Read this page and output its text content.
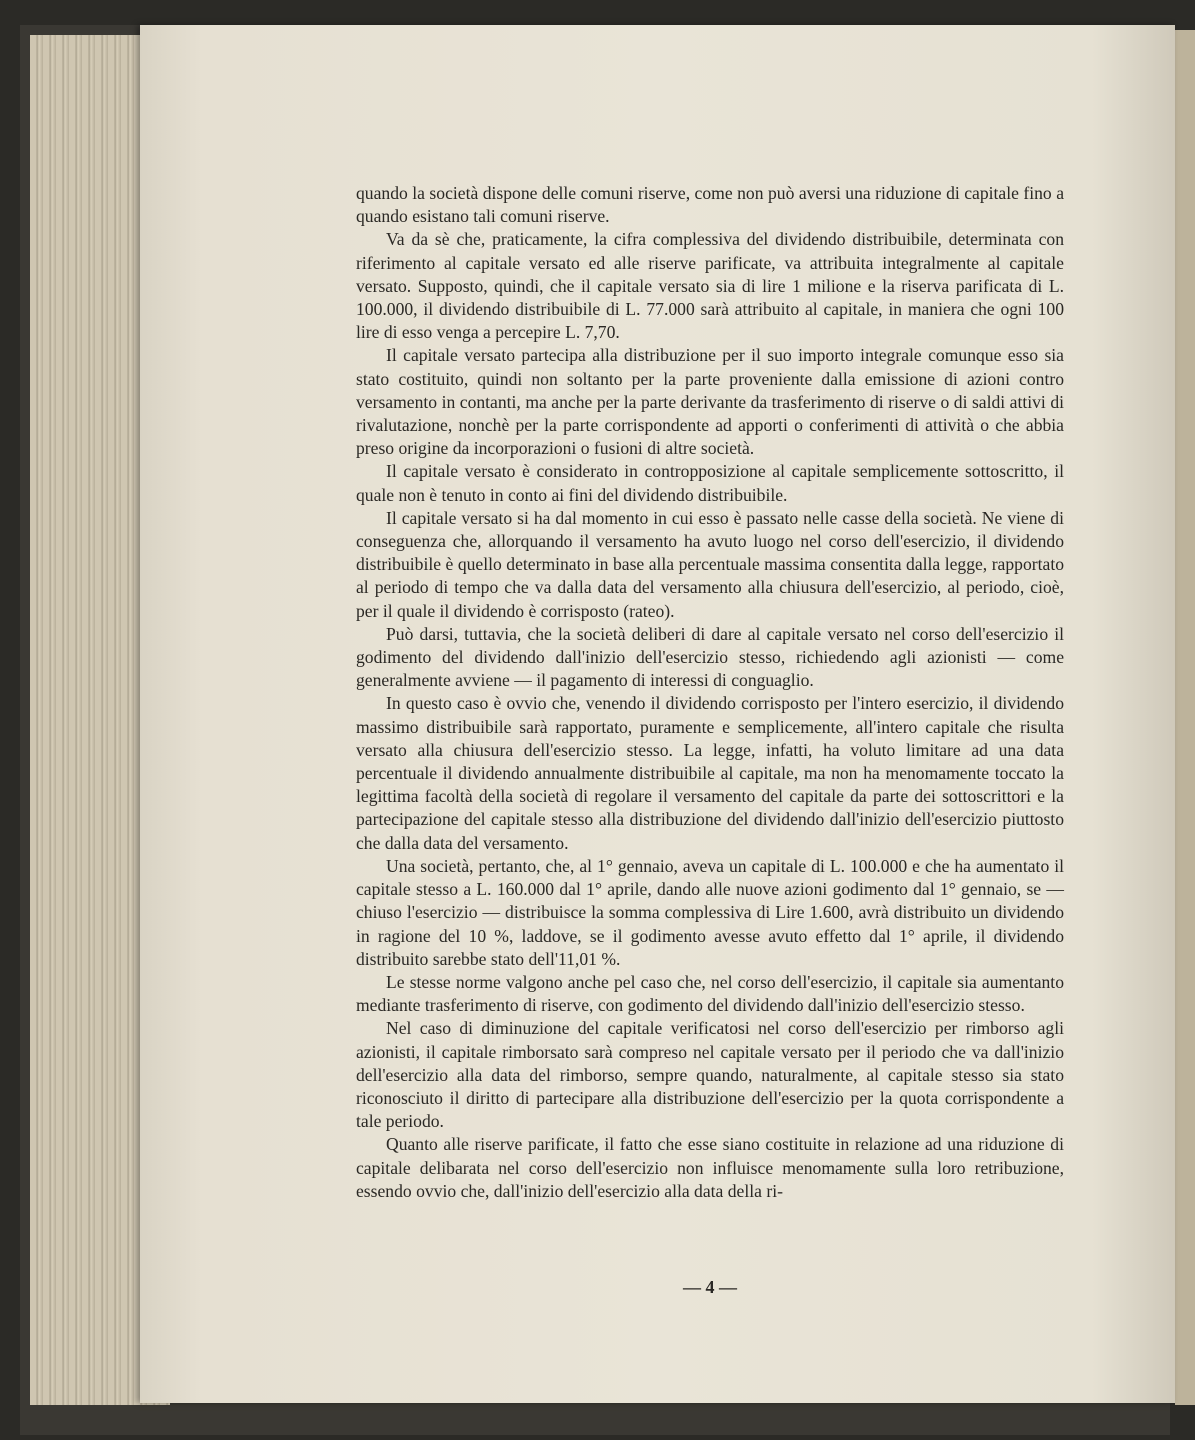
quando la società dispone delle comuni riserve, come non può aversi una riduzione di capitale fino a quando esistano tali comuni riserve.

Va da sè che, praticamente, la cifra complessiva del dividendo distribuibile, determinata con riferimento al capitale versato ed alle riserve parificate, va attribuita integralmente al capitale versato. Supposto, quindi, che il capitale versato sia di lire 1 milione e la riserva parificata di L. 100.000, il dividendo distribuibile di L. 77.000 sarà attribuito al capitale, in maniera che ogni 100 lire di esso venga a percepire L. 7,70.

Il capitale versato partecipa alla distribuzione per il suo importo integrale comunque esso sia stato costituito, quindi non soltanto per la parte proveniente dalla emissione di azioni contro versamento in contanti, ma anche per la parte derivante da trasferimento di riserve o di saldi attivi di rivalutazione, nonchè per la parte corrispondente ad apporti o conferimenti di attività o che abbia preso origine da incorporazioni o fusioni di altre società.

Il capitale versato è considerato in contropposizione al capitale semplicemente sottoscritto, il quale non è tenuto in conto ai fini del dividendo distribuibile.

Il capitale versato si ha dal momento in cui esso è passato nelle casse della società. Ne viene di conseguenza che, allorquando il versamento ha avuto luogo nel corso dell'esercizio, il dividendo distribuibile è quello determinato in base alla percentuale massima consentita dalla legge, rapportato al periodo di tempo che va dalla data del versamento alla chiusura dell'esercizio, al periodo, cioè, per il quale il dividendo è corrisposto (rateo).

Può darsi, tuttavia, che la società deliberi di dare al capitale versato nel corso dell'esercizio il godimento del dividendo dall'inizio dell'esercizio stesso, richiedendo agli azionisti — come generalmente avviene — il pagamento di interessi di conguaglio.

In questo caso è ovvio che, venendo il dividendo corrisposto per l'intero esercizio, il dividendo massimo distribuibile sarà rapportato, puramente e semplicemente, all'intero capitale che risulta versato alla chiusura dell'esercizio stesso. La legge, infatti, ha voluto limitare ad una data percentuale il dividendo annualmente distribuibile al capitale, ma non ha menomamente toccato la legittima facoltà della società di regolare il versamento del capitale da parte dei sottoscrittori e la partecipazione del capitale stesso alla distribuzione del dividendo dall'inizio dell'esercizio piuttosto che dalla data del versamento.

Una società, pertanto, che, al 1° gennaio, aveva un capitale di L. 100.000 e che ha aumentato il capitale stesso a L. 160.000 dal 1° aprile, dando alle nuove azioni godimento dal 1° gennaio, se — chiuso l'esercizio — distribuisce la somma complessiva di Lire 1.600, avrà distribuito un dividendo in ragione del 10 %, laddove, se il godimento avesse avuto effetto dal 1° aprile, il dividendo distribuito sarebbe stato dell'11,01 %.

Le stesse norme valgono anche pel caso che, nel corso dell'esercizio, il capitale sia aumentanto mediante trasferimento di riserve, con godimento del dividendo dall'inizio dell'esercizio stesso.

Nel caso di diminuzione del capitale verificatosi nel corso dell'esercizio per rimborso agli azionisti, il capitale rimborsato sarà compreso nel capitale versato per il periodo che va dall'inizio dell'esercizio alla data del rimborso, sempre quando, naturalmente, al capitale stesso sia stato riconosciuto il diritto di partecipare alla distribuzione dell'esercizio per la quota corrispondente a tale periodo.

Quanto alle riserve parificate, il fatto che esse siano costituite in relazione ad una riduzione di capitale delibarata nel corso dell'esercizio non influisce menomamente sulla loro retribuzione, essendo ovvio che, dall'inizio dell'esercizio alla data della ri-

— 4 —
